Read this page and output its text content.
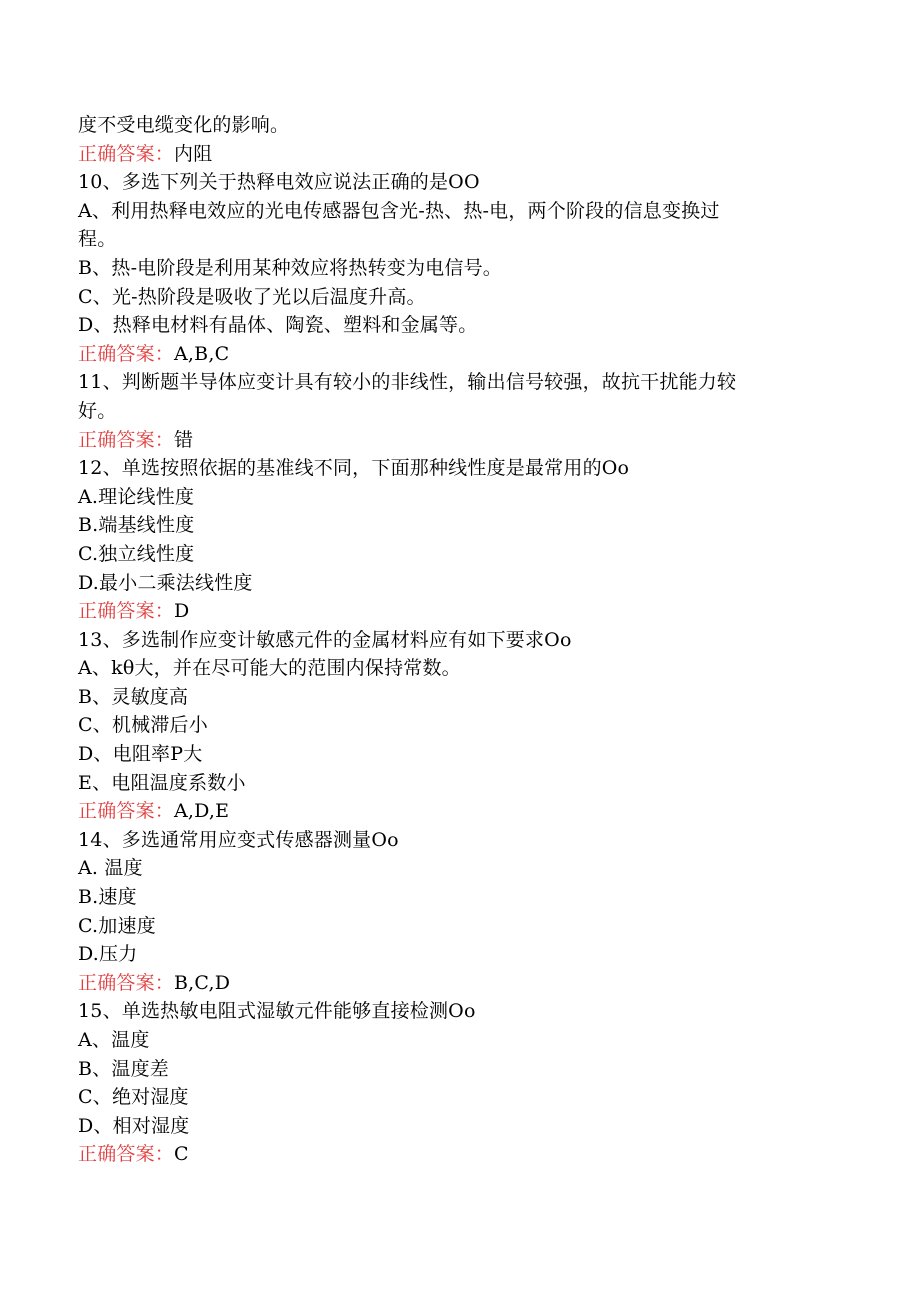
度不受电缆变化的影响。
正确答案：内阻
10、多选下列关于热释电效应说法正确的是OO
A、利用热释电效应的光电传感器包含光-热、热-电，两个阶段的信息变换过
程。
B、热-电阶段是利用某种效应将热转变为电信号。
C、光-热阶段是吸收了光以后温度升高。
D、热释电材料有晶体、陶瓷、塑料和金属等。
正确答案：A,B,C
11、判断题半导体应变计具有较小的非线性，输出信号较强，故抗干扰能力较
好。
正确答案：错
12、单选按照依据的基准线不同，下面那种线性度是最常用的Oo
A.理论线性度
B.端基线性度
C.独立线性度
D.最小二乘法线性度
正确答案：D
13、多选制作应变计敏感元件的金属材料应有如下要求Oo
A、kθ大，并在尽可能大的范围内保持常数。
B、灵敏度高
C、机械滞后小
D、电阻率P大
E、电阻温度系数小
正确答案：A,D,E
14、多选通常用应变式传感器测量Oo
A. 温度
B.速度
C.加速度
D.压力
正确答案：B,C,D
15、单选热敏电阻式湿敏元件能够直接检测Oo
A、温度
B、温度差
C、绝对湿度
D、相对湿度
正确答案：C
